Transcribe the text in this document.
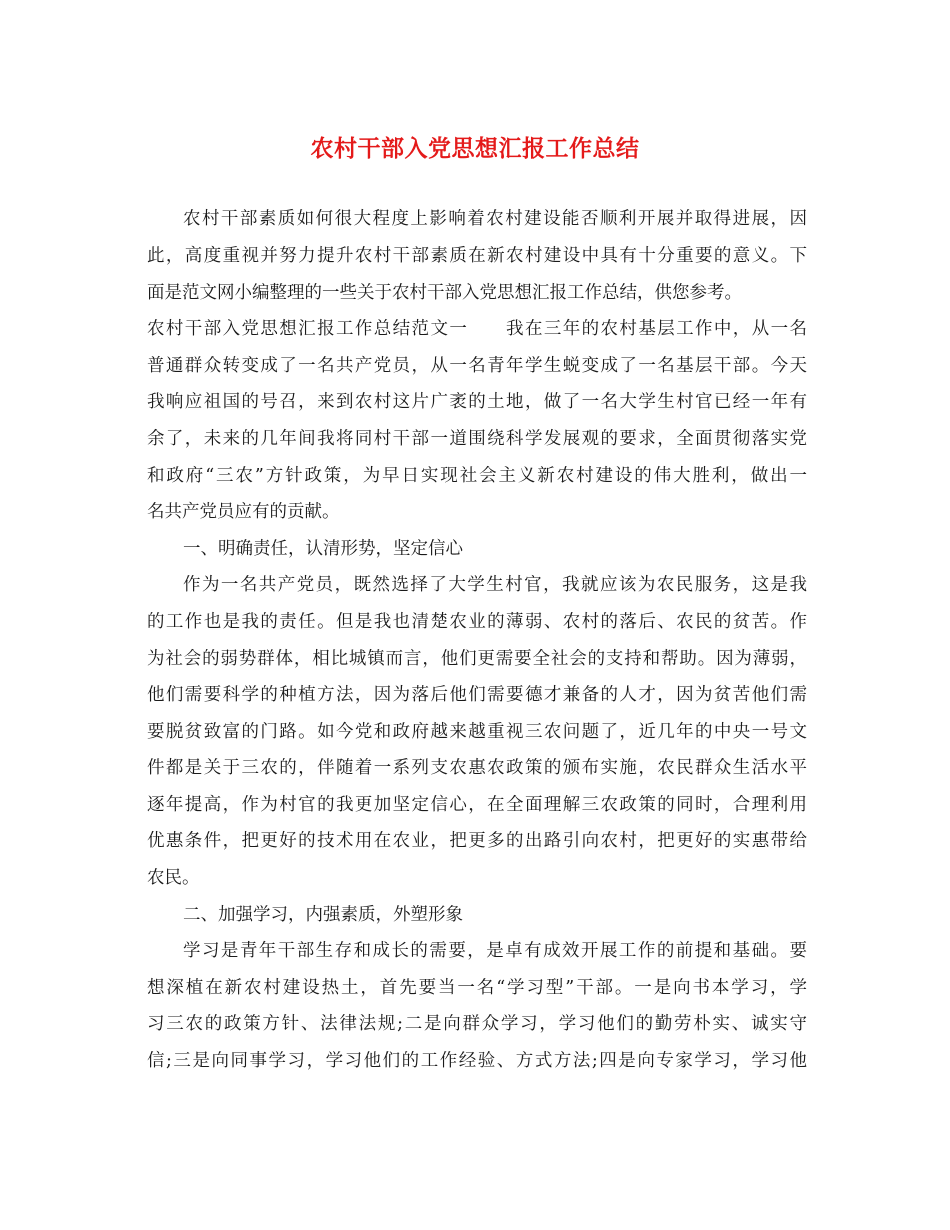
农村干部入党思想汇报工作总结
农村干部素质如何很大程度上影响着农村建设能否顺利开展并取得进展，因
此，高度重视并努力提升农村干部素质在新农村建设中具有十分重要的意义。下
面是范文网小编整理的一些关于农村干部入党思想汇报工作总结，供您参考。
农村干部入党思想汇报工作总结范文一　　我在三年的农村基层工作中，从一名
普通群众转变成了一名共产党员，从一名青年学生蜕变成了一名基层干部。今天
我响应祖国的号召，来到农村这片广袤的土地，做了一名大学生村官已经一年有
余了，未来的几年间我将同村干部一道围绕科学发展观的要求，全面贯彻落实党
和政府“三农”方针政策，为早日实现社会主义新农村建设的伟大胜利，做出一
名共产党员应有的贡献。
一、明确责任，认清形势，坚定信心
作为一名共产党员，既然选择了大学生村官，我就应该为农民服务，这是我
的工作也是我的责任。但是我也清楚农业的薄弱、农村的落后、农民的贫苦。作
为社会的弱势群体，相比城镇而言，他们更需要全社会的支持和帮助。因为薄弱，
他们需要科学的种植方法，因为落后他们需要德才兼备的人才，因为贫苦他们需
要脱贫致富的门路。如今党和政府越来越重视三农问题了，近几年的中央一号文
件都是关于三农的，伴随着一系列支农惠农政策的颁布实施，农民群众生活水平
逐年提高，作为村官的我更加坚定信心，在全面理解三农政策的同时，合理利用
优惠条件，把更好的技术用在农业，把更多的出路引向农村，把更好的实惠带给
农民。
二、加强学习，内强素质，外塑形象
学习是青年干部生存和成长的需要，是卓有成效开展工作的前提和基础。要
想深植在新农村建设热土，首先要当一名“学习型”干部。一是向书本学习，学
习三农的政策方针、法律法规;二是向群众学习，学习他们的勤劳朴实、诚实守
信;三是向同事学习，学习他们的工作经验、方式方法;四是向专家学习，学习他
